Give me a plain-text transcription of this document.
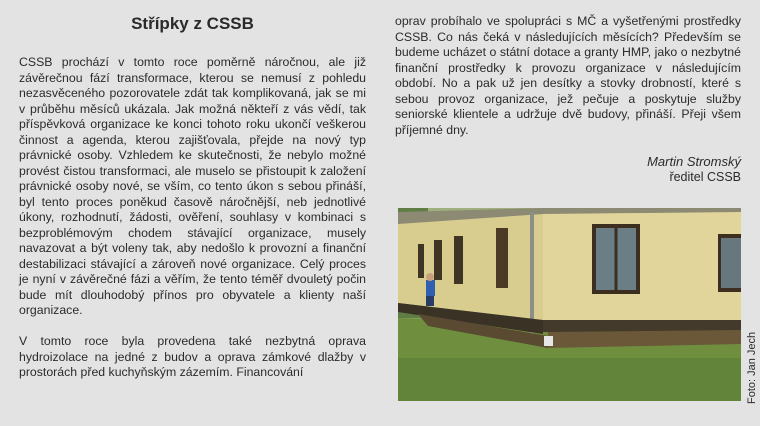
Střípky z CSSB

CSSB prochází v tomto roce poměrně náročnou, ale již závěrečnou fází transformace, kterou se nemusí z pohledu nezasvěceného pozorovatele zdát tak komplikovaná, jak se mi v průběhu měsíců ukázala. Jak možná někteří z vás vědí, tak příspěvková organizace ke konci tohoto roku ukončí veškerou činnost a agenda, kterou zajišťovala, přejde na nový typ právnické osoby. Vzhledem ke skutečnosti, že nebylo možné provést čistou transformaci, ale muselo se přistoupit k založení právnické osoby nové, se vším, co tento úkon s sebou přináší, byl tento proces poněkud časově náročnější, neb jednotlivé úkony, rozhodnutí, žádosti, ověření, souhlasy v kombinaci s bezproblémovým chodem stávající organizace, musely navazovat a být voleny tak, aby nedošlo k provozní a finanční destabilizaci stávající a zároveň nové organizace. Celý proces je nyní v závěrečné fázi a věřím, že tento téměř dvouletý počin bude mít dlouhodobý přínos pro obyvatele a klienty naší organizace.

V tomto roce byla provedena také nezbytná oprava hydroizolace na jedné z budov a oprava zámkové dlažby v prostorách před kuchyňským zázemím. Financování

oprav probíhalo ve spolupráci s MČ a vyšetřenými prostředky CSSB. Co nás čeká v následujících měsících? Především se budeme ucházet o státní dotace a granty HMP, jako o nezbytné finanční prostředky k provozu organizace v následujícím období. No a pak už jen desítky a stovky drobností, které s sebou provoz organizace, jež pečuje a poskytuje služby seniorské klientele a udržuje dvě budovy, přináší. Přeji všem příjemné dny.

Martin Stromský
ředitel CSSB
Foto: Jan Jech
